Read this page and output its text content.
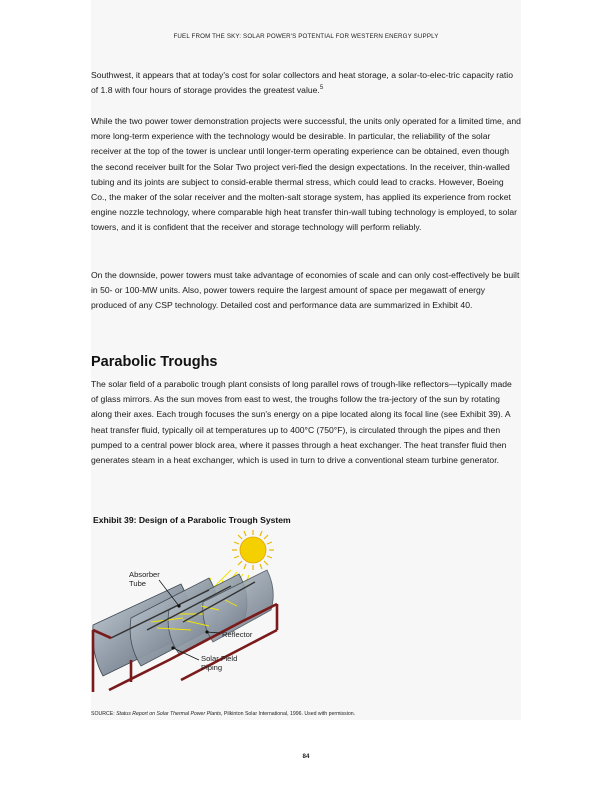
FUEL FROM THE SKY: SOLAR POWER'S POTENTIAL FOR WESTERN ENERGY SUPPLY

Southwest, it appears that at today's cost for solar collectors and heat storage, a solar-to-elec-tric capacity ratio of 1.8 with four hours of storage provides the greatest value.$^5$

While the two power tower demonstration projects were successful, the units only operated for a limited time, and more long-term experience with the technology would be desirable. In particular, the reliability of the solar receiver at the top of the tower is unclear until longer-term operating experience can be obtained, even though the second receiver built for the Solar Two project veri-fied the design expectations. In the receiver, thin-walled tubing and its joints are subject to consid-erable thermal stress, which could lead to cracks. However, Boeing Co., the maker of the solar receiver and the molten-salt storage system, has applied its experience from rocket engine nozzle technology, where comparable high heat transfer thin-wall tubing technology is employed, to solar towers, and it is confident that the receiver and storage technology will perform reliably.

On the downside, power towers must take advantage of economies of scale and can only cost-effectively be built in 50- or 100-MW units. Also, power towers require the largest amount of space per megawatt of energy produced of any CSP technology. Detailed cost and performance data are summarized in Exhibit 40.

Parabolic Troughs

The solar field of a parabolic trough plant consists of long parallel rows of trough-like reflectors—typically made of glass mirrors. As the sun moves from east to west, the troughs follow the tra-jectory of the sun by rotating along their axes. Each trough focuses the sun's energy on a pipe located along its focal line (see Exhibit 39). A heat transfer fluid, typically oil at temperatures up to 400°C (750°F), is circulated through the pipes and then pumped to a central power block area, where it passes through a heat exchanger. The heat transfer fluid then generates steam in a heat exchanger, which is used in turn to drive a conventional steam turbine generator.

Exhibit 39: Design of a Parabolic Trough System
Absorber
Tube
Reflector
Solar Field
Piping
SOURCE: Status Report on Solar Thermal Power Plants, Pilkinton Solar International, 1996. Used with permission.
84
